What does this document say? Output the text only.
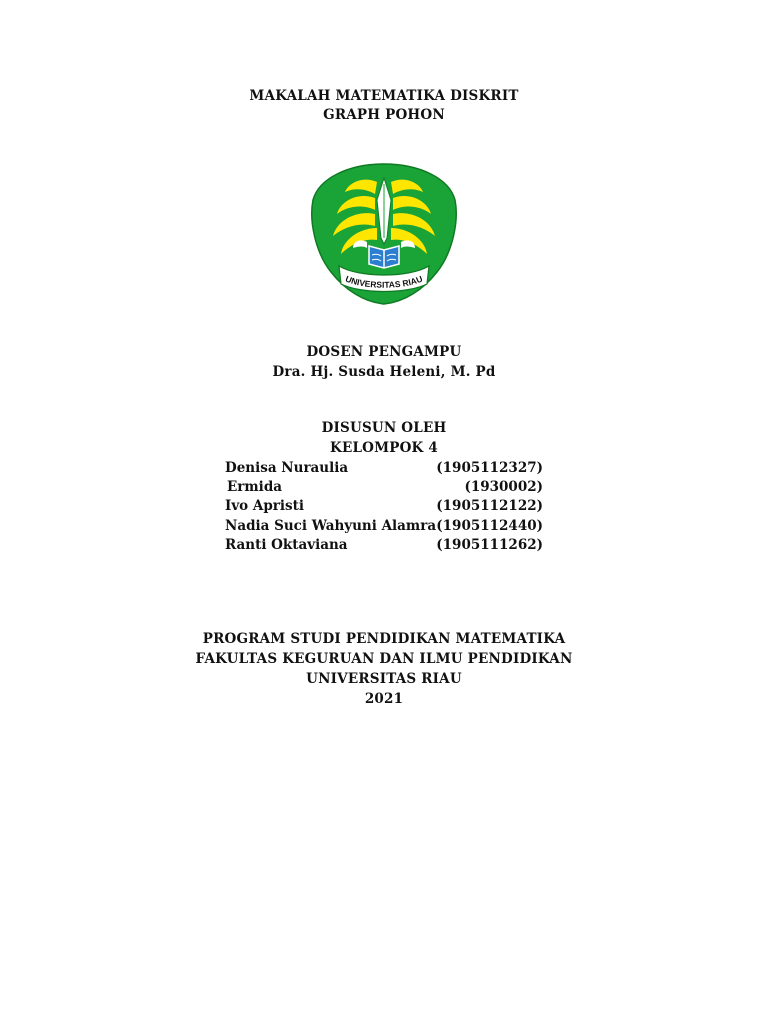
MAKALAH MATEMATIKA DISKRIT
GRAPH POHON
UNIVERSITAS RIAU
DOSEN PENGAMPU
Dra. Hj. Susda Heleni, M. Pd
DISUSUN OLEH
KELOMPOK 4
Denisa Nuraulia	(1905112327)
Ermida	(1930002)
Ivo Apristi	(1905112122)
Nadia Suci Wahyuni Alamra (1905112440)
Ranti Oktaviana	(1905111262)
PROGRAM STUDI PENDIDIKAN MATEMATIKA
FAKULTAS KEGURUAN DAN ILMU PENDIDIKAN
UNIVERSITAS RIAU
2021
